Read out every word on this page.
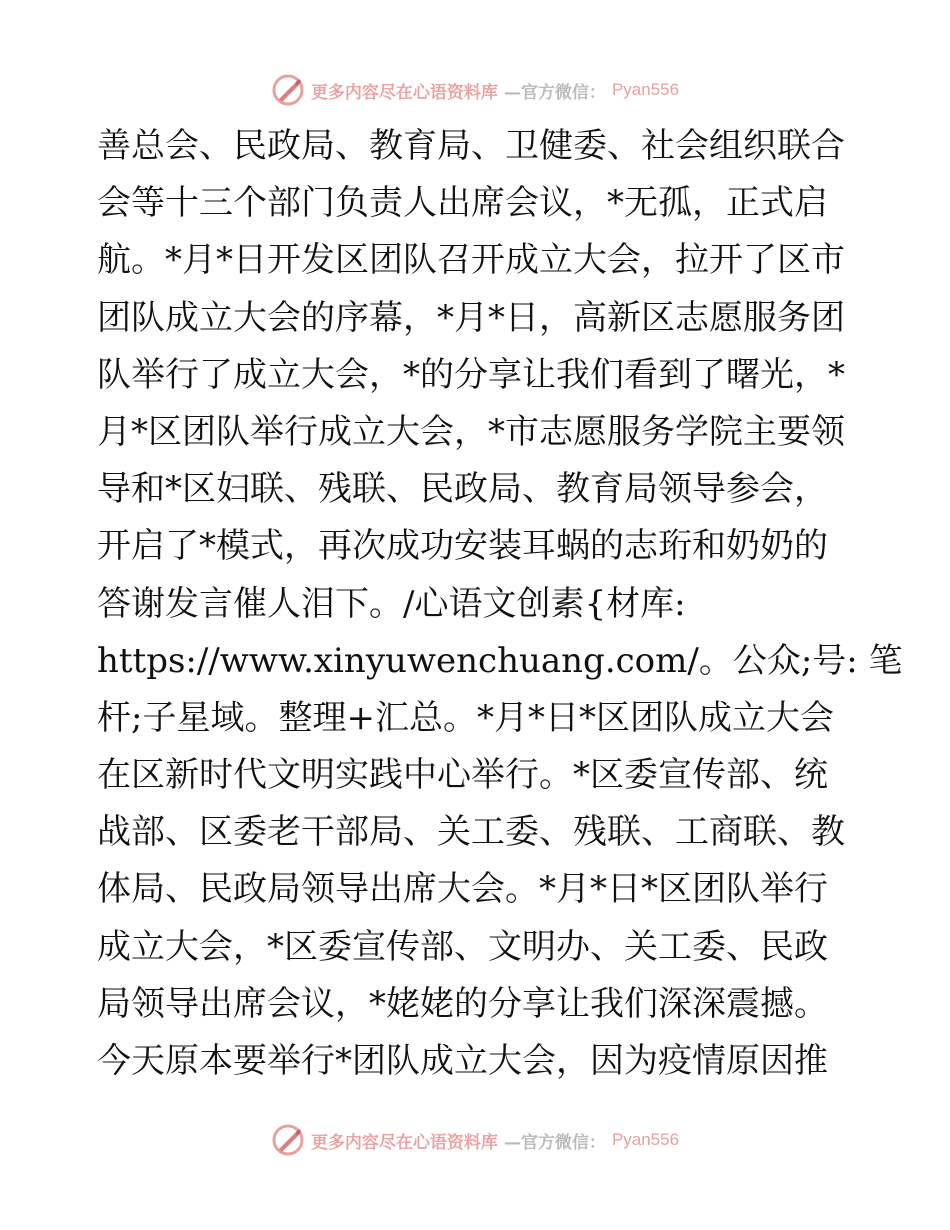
更多内容尽在心语资料库 —官方微信： Pyan556
善总会、民政局、教育局、卫健委、社会组织联合
会等十三个部门负责人出席会议，*无孤，正式启
航。*月*日开发区团队召开成立大会，拉开了区市
团队成立大会的序幕，*月*日，高新区志愿服务团
队举行了成立大会，*的分享让我们看到了曙光，*
月*区团队举行成立大会，*市志愿服务学院主要领
导和*区妇联、残联、民政局、教育局领导参会，
开启了*模式，再次成功安装耳蜗的志珩和奶奶的
答谢发言催人泪下。/心语文创素{材库:
https://www.xinyuwenchuang.com/。公众;号: 笔
杆;子星域。整理+汇总。*月*日*区团队成立大会
在区新时代文明实践中心举行。*区委宣传部、统
战部、区委老干部局、关工委、残联、工商联、教
体局、民政局领导出席大会。*月*日*区团队举行
成立大会，*区委宣传部、文明办、关工委、民政
局领导出席会议，*姥姥的分享让我们深深震撼。
今天原本要举行*团队成立大会，因为疫情原因推
更多内容尽在心语资料库 —官方微信： Pyan556
